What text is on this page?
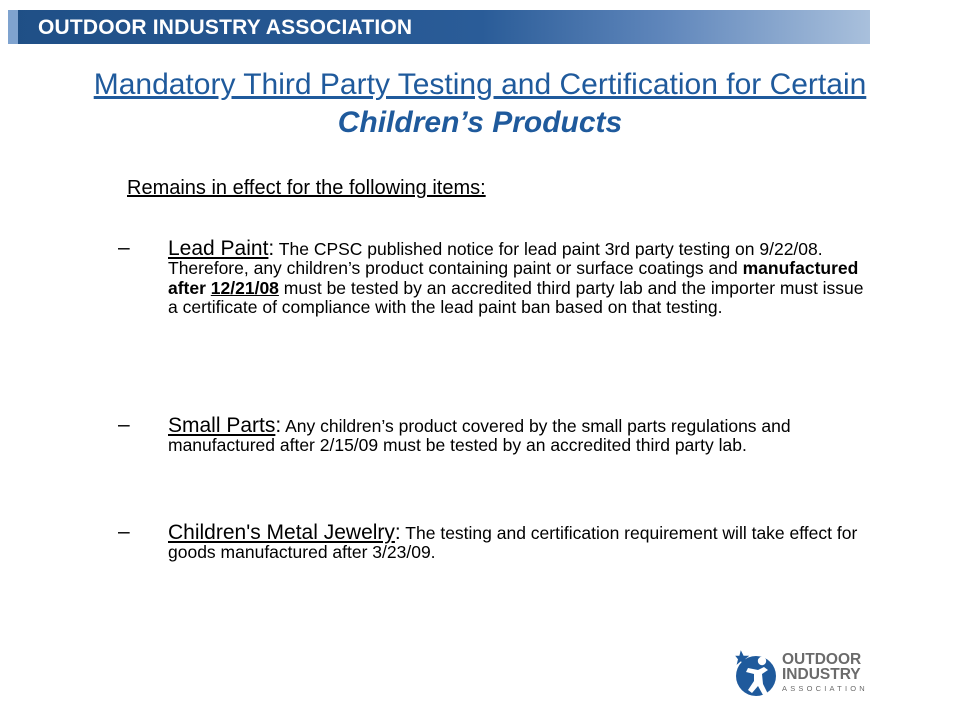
OUTDOOR INDUSTRY ASSOCIATION
Mandatory Third Party Testing and Certification for Certain Children’s Products
Remains in effect for the following items:
– Lead Paint: The CPSC published notice for lead paint 3rd party testing on 9/22/08. Therefore, any children’s product containing paint or surface coatings and manufactured after 12/21/08 must be tested by an accredited third party lab and the importer must issue a certificate of compliance with the lead paint ban based on that testing.
– Small Parts: Any children’s product covered by the small parts regulations and manufactured after 2/15/09 must be tested by an accredited third party lab.
– Children's Metal Jewelry: The testing and certification requirement will take effect for goods manufactured after 3/23/09.
OUTDOOR
INDUSTRY
ASSOCIATION
